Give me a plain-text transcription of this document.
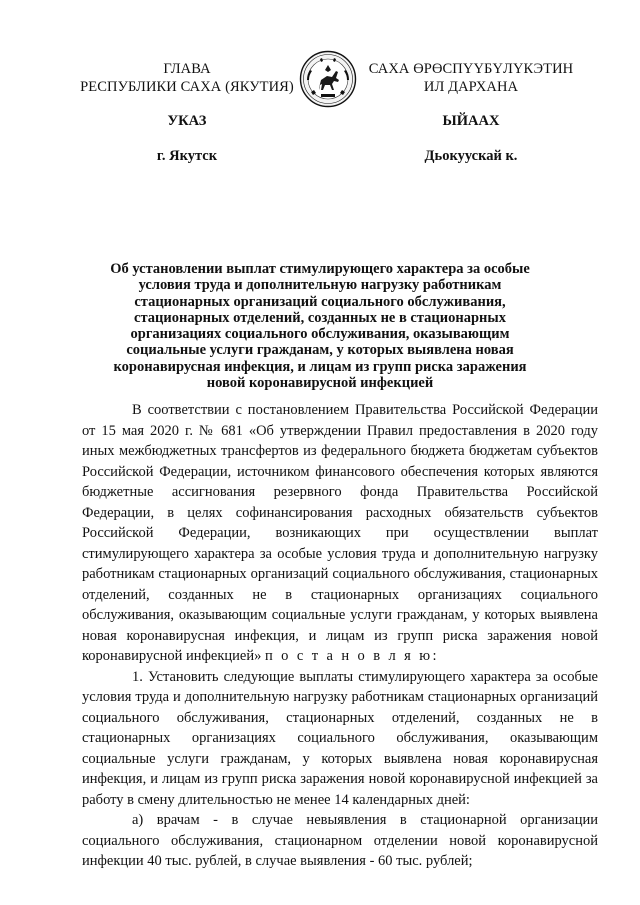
ГЛАВА
РЕСПУБЛИКИ САХА (ЯКУТИЯ)
САХА ӨРӨСПҮҮБҮЛҮКЭТИН
ИЛ ДАРХАНА
УКАЗ	ЫЙААХ
г. Якутск	Дьокуускай к.
Об установлении выплат стимулирующего характера за особые условия труда и дополнительную нагрузку работникам стационарных организаций социального обслуживания, стационарных отделений, созданных не в стационарных организациях социального обслуживания, оказывающим социальные услуги гражданам, у которых выявлена новая коронавирусная инфекция, и лицам из групп риска заражения новой коронавирусной инфекцией

В соответствии с постановлением Правительства Российской Федерации от 15 мая 2020 г. № 681 «Об утверждении Правил предоставления в 2020 году иных межбюджетных трансфертов из федерального бюджета бюджетам субъектов Российской Федерации, источником финансового обеспечения которых являются бюджетные ассигнования резервного фонда Правительства Российской Федерации, в целях софинансирования расходных обязательств субъектов Российской Федерации, возникающих при осуществлении выплат стимулирующего характера за особые условия труда и дополнительную нагрузку работникам стационарных организаций социального обслуживания, стационарных отделений, созданных не в стационарных организациях социального обслуживания, оказывающим социальные услуги гражданам, у которых выявлена новая коронавирусная инфекция, и лицам из групп риска заражения новой коронавирусной инфекцией» п о с т а н о в л я ю:

1. Установить следующие выплаты стимулирующего характера за особые условия труда и дополнительную нагрузку работникам стационарных организаций социального обслуживания, стационарных отделений, созданных не в стационарных организациях социального обслуживания, оказывающим социальные услуги гражданам, у которых выявлена новая коронавирусная инфекция, и лицам из групп риска заражения новой коронавирусной инфекцией за работу в смену длительностью не менее 14 календарных дней:

а) врачам - в случае невыявления в стационарной организации социального обслуживания, стационарном отделении новой коронавирусной инфекции 40 тыс. рублей, в случае выявления - 60 тыс. рублей;
